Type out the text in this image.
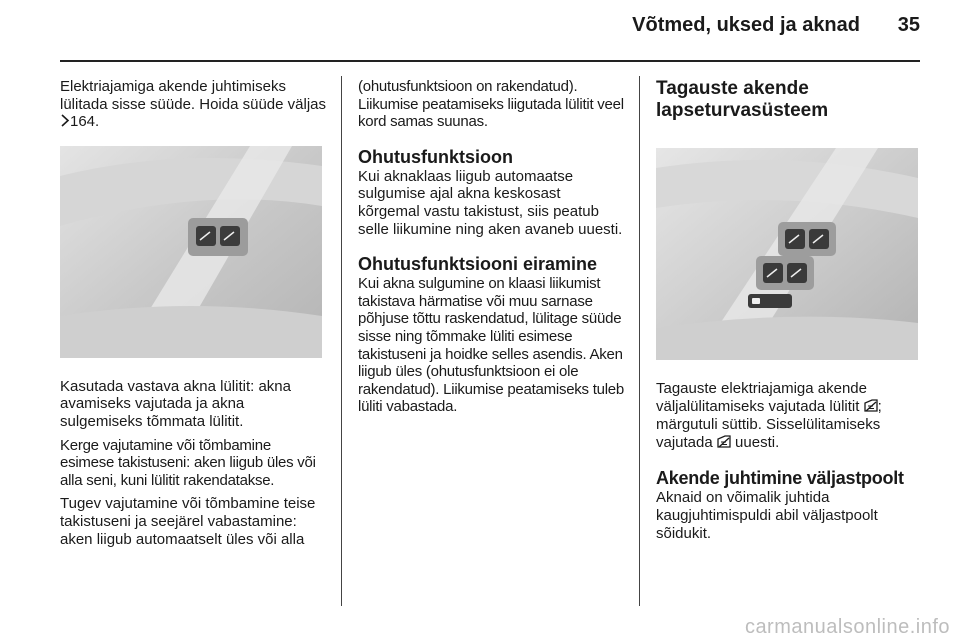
Võtmed, uksed ja aknad	35

Elektriajamiga akende juhtimiseks lülitada sisse süüde. Hoida süüde väljas 164.

Kasutada vastava akna lülitit: akna avamiseks vajutada ja akna sulgemiseks tõmmata lülitit.

Kerge vajutamine või tõmbamine esimese takistuseni: aken liigub üles või alla seni, kuni lülitit rakendatakse.

Tugev vajutamine või tõmbamine teise takistuseni ja seejärel vabastamine: aken liigub automaatselt üles või alla

(ohutusfunktsioon on rakendatud). Liikumise peatamiseks liigutada lülitit veel kord samas suunas.

Ohutusfunktsioon

Kui aknaklaas liigub automaatse sulgumise ajal akna keskosast kõrgemal vastu takistust, siis peatub selle liikumine ning aken avaneb uuesti.

Ohutusfunktsiooni eiramine

Kui akna sulgumine on klaasi liikumist takistava härmatise või muu sarnase põhjuse tõttu raskendatud, lülitage süüde sisse ning tõmmake lüliti esimese takistuseni ja hoidke selles asendis. Aken liigub üles (ohutusfunktsioon ei ole rakendatud). Liikumise peatamiseks tuleb lüliti vabastada.

Tagauste akende lapseturvasüsteem

Tagauste elektriajamiga akende väljalülitamiseks vajutada lülitit ; märgutuli süttib. Sisselülitamiseks vajutada  uuesti.

Akende juhtimine väljastpoolt

Aknaid on võimalik juhtida kaugjuhtimispuldi abil väljastpoolt sõidukit.

carmanualsonline.info
